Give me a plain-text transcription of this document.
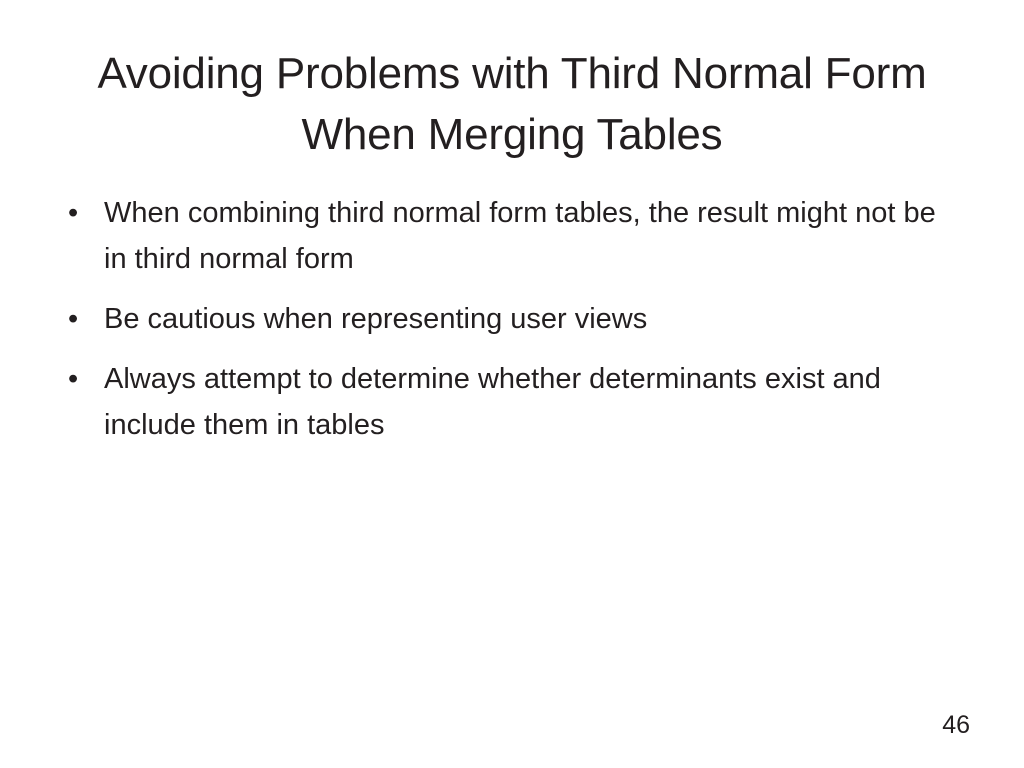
Avoiding Problems with Third Normal Form When Merging Tables
• When combining third normal form tables, the result might not be in third normal form
• Be cautious when representing user views
• Always attempt to determine whether determinants exist and include them in tables
46
